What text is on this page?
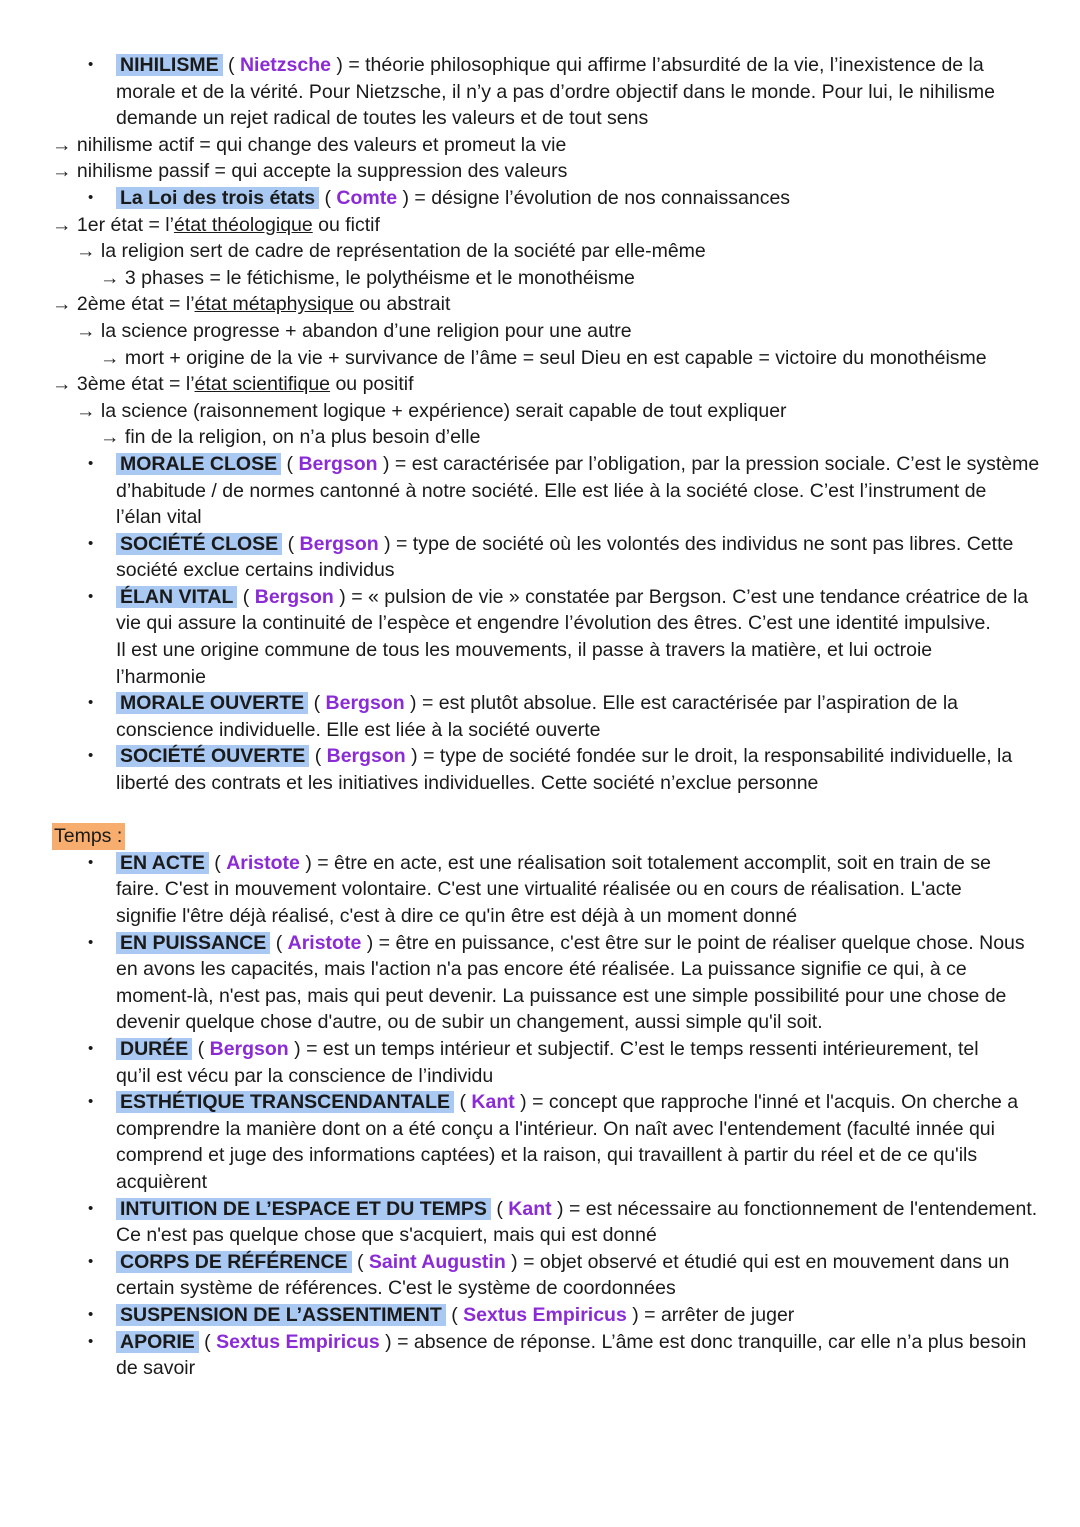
•
NIHILISME ( Nietzsche ) = théorie philosophique qui affirme l’absurdité de la vie, l’inexistence de la
morale et de la vérité. Pour Nietzsche, il n’y a pas d’ordre objectif dans le monde. Pour lui, le nihilisme
demande un rejet radical de toutes les valeurs et de tout sens
→ nihilisme actif = qui change des valeurs et promeut la vie
→ nihilisme passif = qui accepte la suppression des valeurs
•
La Loi des trois états ( Comte ) = désigne l’évolution de nos connaissances
→ 1er état = l’état théologique ou fictif
→ la religion sert de cadre de représentation de la société par elle-même
→ 3 phases = le fétichisme, le polythéisme et le monothéisme
→ 2ème état = l’état métaphysique ou abstrait
→ la science progresse + abandon d’une religion pour une autre
→ mort + origine de la vie + survivance de l’âme = seul Dieu en est capable = victoire du monothéisme
→ 3ème état = l’état scientifique ou positif
→ la science (raisonnement logique + expérience) serait capable de tout expliquer
→ fin de la religion, on n’a plus besoin d’elle
•
MORALE CLOSE ( Bergson ) = est caractérisée par l’obligation, par la pression sociale. C’est le système
d’habitude / de normes cantonné à notre société. Elle est liée à la société close. C’est l’instrument de
l’élan vital
•
SOCIÉTÉ CLOSE ( Bergson ) = type de société où les volontés des individus ne sont pas libres. Cette
société exclue certains individus
•
ÉLAN VITAL ( Bergson ) = « pulsion de vie » constatée par Bergson. C’est une tendance créatrice de la
vie qui assure la continuité de l’espèce et engendre l’évolution des êtres. C’est une identité impulsive.
Il est une origine commune de tous les mouvements, il passe à travers la matière, et lui octroie
l’harmonie
•
MORALE OUVERTE ( Bergson ) = est plutôt absolue. Elle est caractérisée par l’aspiration de la
conscience individuelle. Elle est liée à la société ouverte
•
SOCIÉTÉ OUVERTE ( Bergson ) = type de société fondée sur le droit, la responsabilité individuelle, la
liberté des contrats et les initiatives individuelles. Cette société n’exclue personne
Temps :
•
EN ACTE ( Aristote ) = être en acte, est une réalisation soit totalement accomplit, soit en train de se
faire. C'est in mouvement volontaire. C'est une virtualité réalisée ou en cours de réalisation. L'acte
signifie l'être déjà réalisé, c'est à dire ce qu'in être est déjà à un moment donné
•
EN PUISSANCE ( Aristote ) = être en puissance, c'est être sur le point de réaliser quelque chose. Nous
en avons les capacités, mais l'action n'a pas encore été réalisée. La puissance signifie ce qui, à ce
moment-là, n'est pas, mais qui peut devenir. La puissance est une simple possibilité pour une chose de
devenir quelque chose d'autre, ou de subir un changement, aussi simple qu'il soit.
•
DURÉE ( Bergson ) = est un temps intérieur et subjectif. C’est le temps ressenti intérieurement, tel
qu’il est vécu par la conscience de l’individu
•
ESTHÉTIQUE TRANSCENDANTALE ( Kant ) = concept que rapproche l'inné et l'acquis. On cherche a
comprendre la manière dont on a été conçu a l'intérieur. On naît avec l'entendement (faculté innée qui
comprend et juge des informations captées) et la raison, qui travaillent à partir du réel et de ce qu'ils
acquièrent
•
INTUITION DE L’ESPACE ET DU TEMPS ( Kant ) = est nécessaire au fonctionnement de l'entendement.
Ce n'est pas quelque chose que s'acquiert, mais qui est donné
•
CORPS DE RÉFÉRENCE ( Saint Augustin ) = objet observé et étudié qui est en mouvement dans un
certain système de références. C'est le système de coordonnées
•
SUSPENSION DE L’ASSENTIMENT ( Sextus Empiricus ) = arrêter de juger
•
APORIE ( Sextus Empiricus ) = absence de réponse. L’âme est donc tranquille, car elle n’a plus besoin
de savoir
